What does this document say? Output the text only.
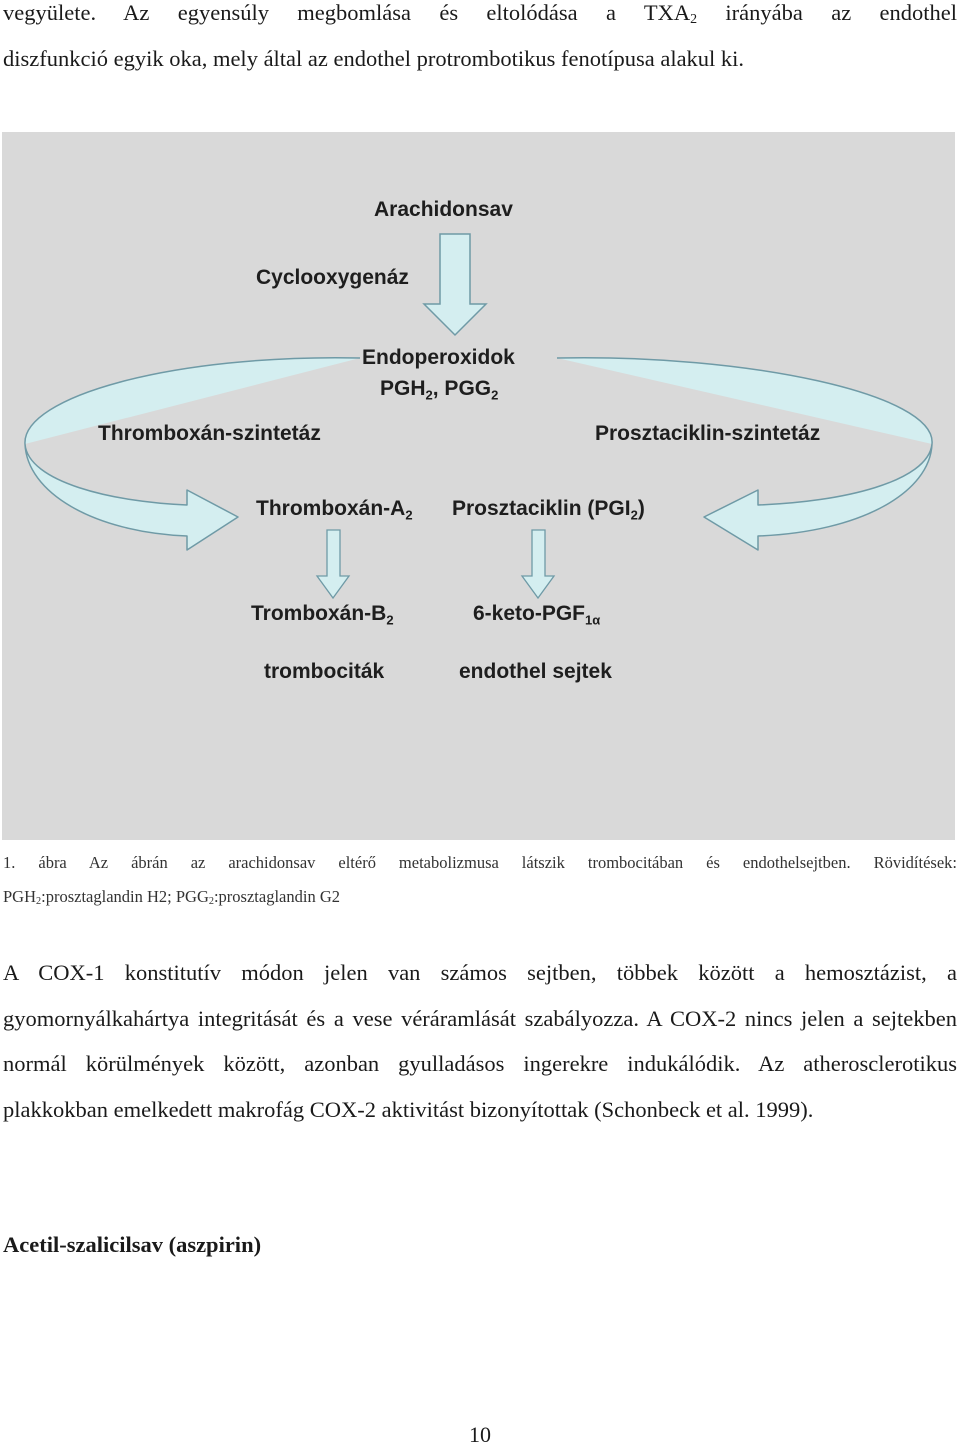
vegyülete. Az egyensúly megbomlása és eltolódása a $TXA_2$ irányába az endothel
diszfunkció egyik oka, mely által az endothel protrombotikus fenotípusa alakul ki.

Arachidonsav
Cyclooxygenáz
Endoperoxidok
$PGH_2$, $PGG_2$
Thromboxán-szintetáz	Prosztaciklin-szintetáz
Thromboxán-$A_2$ Prosztaciklin $(PGI_2)$
Tromboxán-$B_2$	$6-keto-PGF_{1\alpha}$
trombociták	endothel sejtek

1. ábra Az ábrán az arachidonsav eltérő metabolizmusa látszik trombocitában és endothelsejtben. Rövidítések:
$PGH_2:prosztaglandin$ H2; $PGG_2:prosztaglandin$ G2

A COX-1 konstitutív módon jelen van számos sejtben, többek között a hemosztázist, a gyomornyálkahártya integritását és a vese véráramlását szabályozza. A COX-2 nincs jelen a sejtekben normál körülmények között, azonban gyulladásos ingerekre indukálódik. Az atherosclerotikus plakkokban emelkedett makrofág COX-2 aktivitást bizonyítottak (Schonbeck et al. 1999).

Acetil-szalicilsav (aszpirin)
10
